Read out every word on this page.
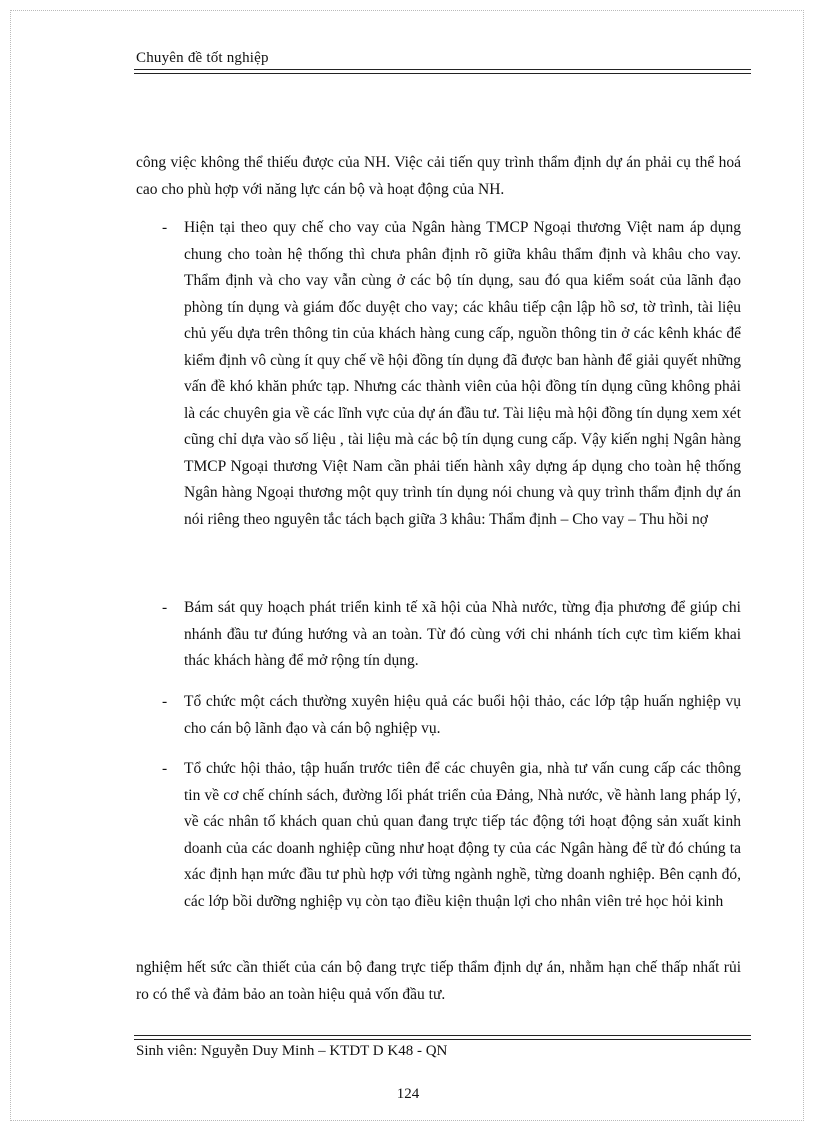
Chuyên đề tốt nghiệp

công việc không thể thiếu được của NH. Việc cải tiến quy trình thẩm định dự án phải cụ thể hoá cao cho phù hợp với năng lực cán bộ và hoạt động của NH.

- Hiện tại theo quy chế cho vay của Ngân hàng TMCP Ngoại thương Việt nam áp dụng chung cho toàn hệ thống thì chưa phân định rõ giữa khâu thẩm định và khâu cho vay. Thẩm định và cho vay vẫn cùng ở các bộ tín dụng, sau đó qua kiểm soát của lãnh đạo phòng tín dụng và giám đốc duyệt cho vay; các khâu tiếp cận lập hồ sơ, tờ trình, tài liệu chủ yếu dựa trên thông tin của khách hàng cung cấp, nguồn thông tin ở các kênh khác để kiểm định vô cùng ít quy chế về hội đồng tín dụng đã được ban hành để giải quyết những vấn đề khó khăn phức tạp. Nhưng các thành viên của hội đồng tín dụng cũng không phải là các chuyên gia về các lĩnh vực của dự án đầu tư. Tài liệu mà hội đồng tín dụng xem xét cũng chỉ dựa vào số liệu , tài liệu mà các bộ tín dụng cung cấp. Vậy kiến nghị Ngân hàng TMCP Ngoại thương Việt Nam cần phải tiến hành xây dựng áp dụng cho toàn hệ thống Ngân hàng Ngoại thương một quy trình tín dụng nói chung và quy trình thẩm định dự án nói riêng theo nguyên tắc tách bạch giữa 3 khâu: Thẩm định – Cho vay – Thu hồi nợ

- Bám sát quy hoạch phát triển kinh tế xã hội của Nhà nước, từng địa phương để giúp chi nhánh đầu tư đúng hướng và an toàn. Từ đó cùng với chi nhánh tích cực tìm kiếm khai thác khách hàng để mở rộng tín dụng.

- Tổ chức một cách thường xuyên hiệu quả các buổi hội thảo, các lớp tập huấn nghiệp vụ cho cán bộ lãnh đạo và cán bộ nghiệp vụ.

- Tổ chức hội thảo, tập huấn trước tiên để các chuyên gia, nhà tư vấn cung cấp các thông tin về cơ chế chính sách, đường lối phát triển của Đảng, Nhà nước, về hành lang pháp lý, về các nhân tố khách quan chủ quan đang trực tiếp tác động tới hoạt động sản xuất kinh doanh của các doanh nghiệp cũng như hoạt động ty của các Ngân hàng để từ đó chúng ta xác định hạn mức đầu tư phù hợp với từng ngành nghề, từng doanh nghiệp. Bên cạnh đó, các lớp bồi dưỡng nghiệp vụ còn tạo điều kiện thuận lợi cho nhân viên trẻ học hỏi kinh

nghiệm hết sức cần thiết của cán bộ đang trực tiếp thẩm định dự án, nhằm hạn chế thấp nhất rủi ro có thể và đảm bảo an toàn hiệu quả vốn đầu tư.

Sinh viên: Nguyễn Duy Minh – KTDT D K48 - QN
124
